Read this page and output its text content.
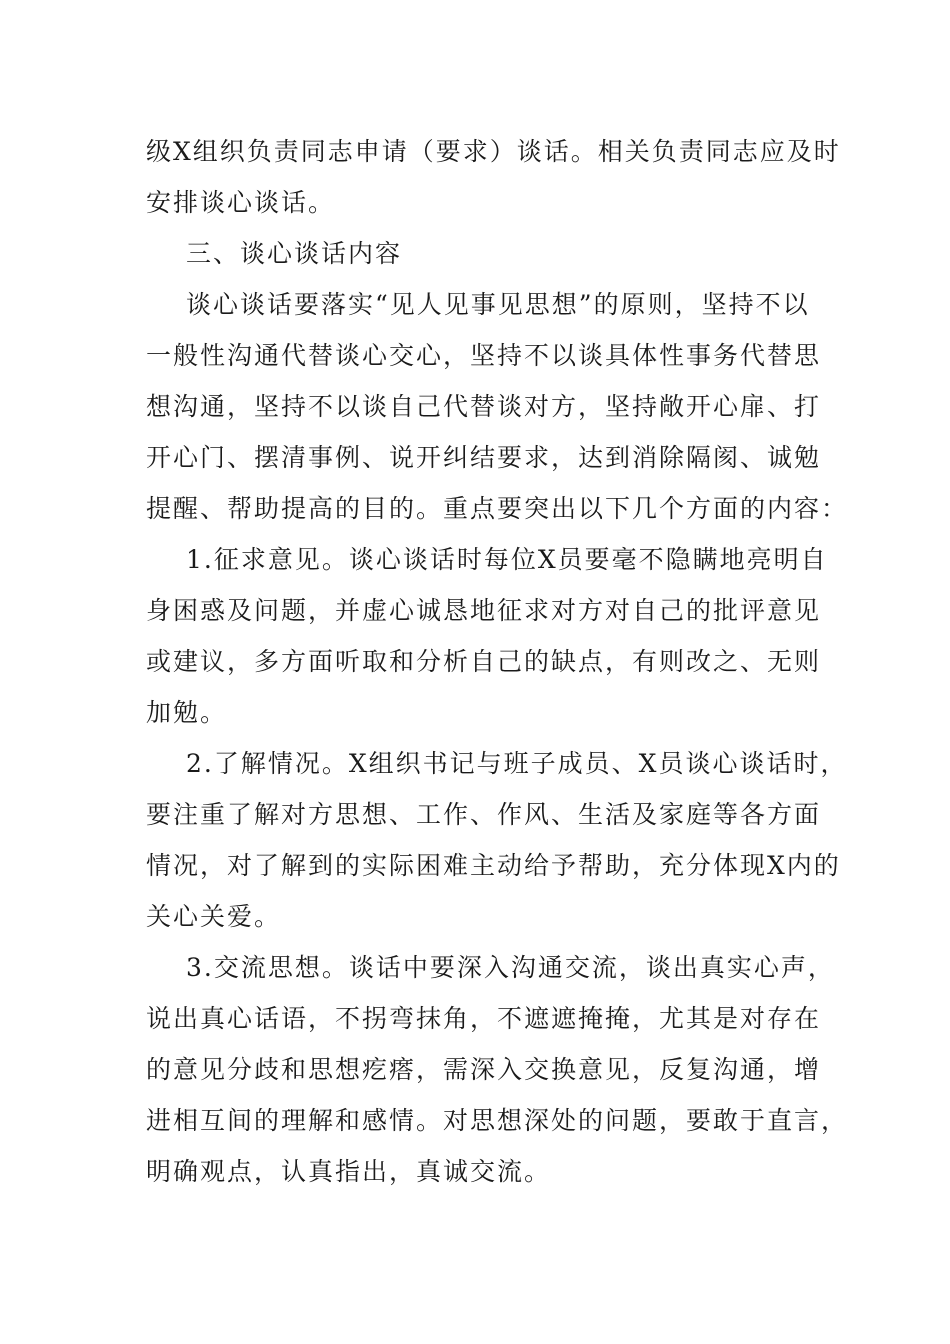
级X组织负责同志申请（要求）谈话。相关负责同志应及时
安排谈心谈话。
三、谈心谈话内容
谈心谈话要落实“见人见事见思想”的原则，坚持不以
一般性沟通代替谈心交心，坚持不以谈具体性事务代替思
想沟通，坚持不以谈自己代替谈对方，坚持敞开心扉、打
开心门、摆清事例、说开纠结要求，达到消除隔阂、诚勉
提醒、帮助提高的目的。重点要突出以下几个方面的内容：
1.征求意见。谈心谈话时每位X员要毫不隐瞒地亮明自
身困惑及问题，并虚心诚恳地征求对方对自己的批评意见
或建议，多方面听取和分析自己的缺点，有则改之、无则
加勉。
2.了解情况。X组织书记与班子成员、X员谈心谈话时，
要注重了解对方思想、工作、作风、生活及家庭等各方面
情况，对了解到的实际困难主动给予帮助，充分体现X内的
关心关爱。
3.交流思想。谈话中要深入沟通交流，谈出真实心声，
说出真心话语，不拐弯抹角，不遮遮掩掩，尤其是对存在
的意见分歧和思想疙瘩，需深入交换意见，反复沟通，增
进相互间的理解和感情。对思想深处的问题，要敢于直言，
明确观点，认真指出，真诚交流。
